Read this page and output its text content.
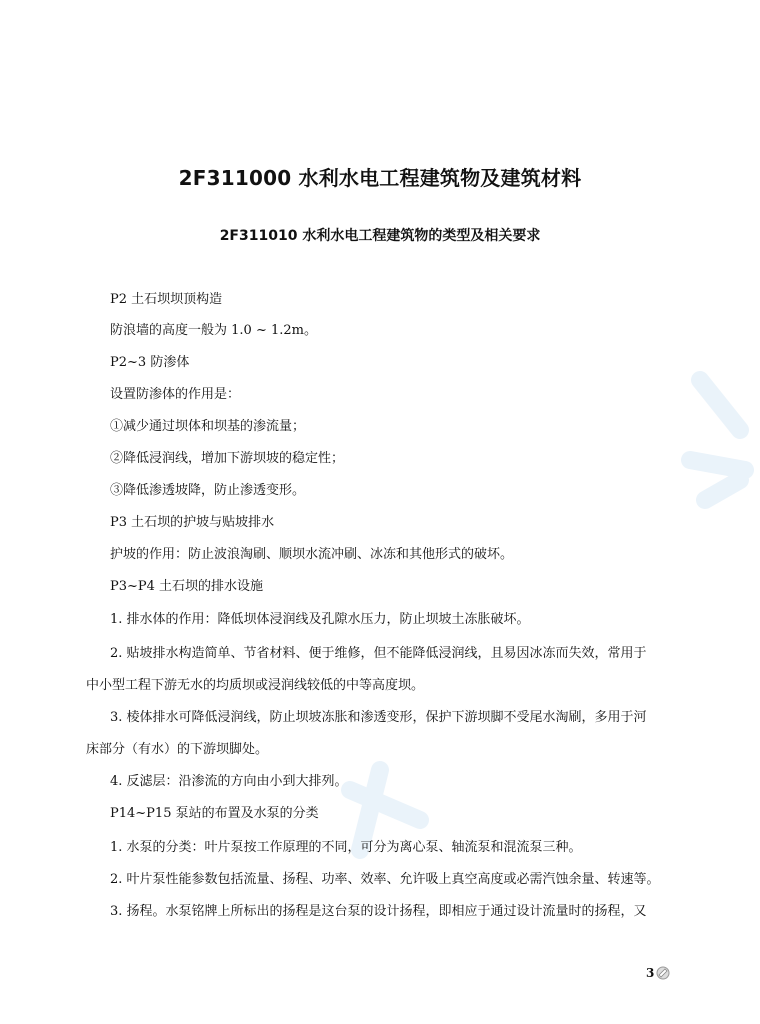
2F311000 水利水电工程建筑物及建筑材料
2F311010 水利水电工程建筑物的类型及相关要求
P2 土石坝坝顶构造
防浪墙的高度一般为 1.0 ~ 1.2m。
P2~3 防渗体
设置防渗体的作用是：
①减少通过坝体和坝基的渗流量；
②降低浸润线，增加下游坝坡的稳定性；
③降低渗透坡降，防止渗透变形。
P3 土石坝的护坡与贴坡排水
护坡的作用：防止波浪淘刷、顺坝水流冲刷、冰冻和其他形式的破坏。
P3~P4 土石坝的排水设施
1. 排水体的作用：降低坝体浸润线及孔隙水压力，防止坝坡土冻胀破坏。
2. 贴坡排水构造简单、节省材料、便于维修，但不能降低浸润线，且易因冰冻而失效，常用于
中小型工程下游无水的均质坝或浸润线较低的中等高度坝。
3. 棱体排水可降低浸润线，防止坝坡冻胀和渗透变形，保护下游坝脚不受尾水淘刷，多用于河
床部分（有水）的下游坝脚处。
4. 反滤层：沿渗流的方向由小到大排列。
P14~P15 泵站的布置及水泵的分类
1. 水泵的分类：叶片泵按工作原理的不同，可分为离心泵、轴流泵和混流泵三种。
2. 叶片泵性能参数包括流量、扬程、功率、效率、允许吸上真空高度或必需汽蚀余量、转速等。
3. 扬程。水泵铭牌上所标出的扬程是这台泵的设计扬程，即相应于通过设计流量时的扬程，又
3
